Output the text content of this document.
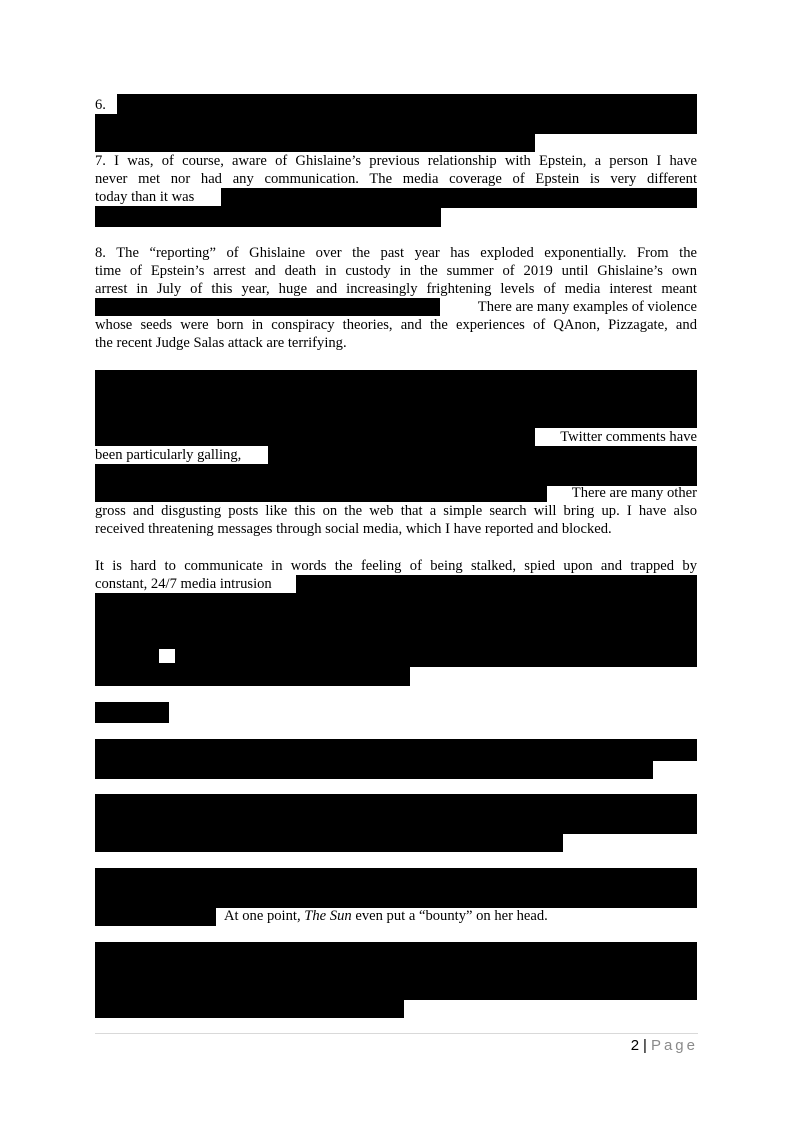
6.
7. I was, of course, aware of Ghislaine’s previous relationship with Epstein, a person I have
never met nor had any communication. The media coverage of Epstein is very different
today than it was
8. The “reporting” of Ghislaine over the past year has exploded exponentially. From the
time of Epstein’s arrest and death in custody in the summer of 2019 until Ghislaine’s own
arrest in July of this year, huge and increasingly frightening levels of media interest meant
There are many examples of violence
whose seeds were born in conspiracy theories, and the experiences of QAnon, Pizzagate, and
the recent Judge Salas attack are terrifying.
Twitter comments have
been particularly galling,
There are many other
gross and disgusting posts like this on the web that a simple search will bring up. I have also
received threatening messages through social media, which I have reported and blocked.
It is hard to communicate in words the feeling of being stalked, spied upon and trapped by
constant, 24/7 media intrusion
At one point, The Sun even put a “bounty” on her head.
2 | Page
